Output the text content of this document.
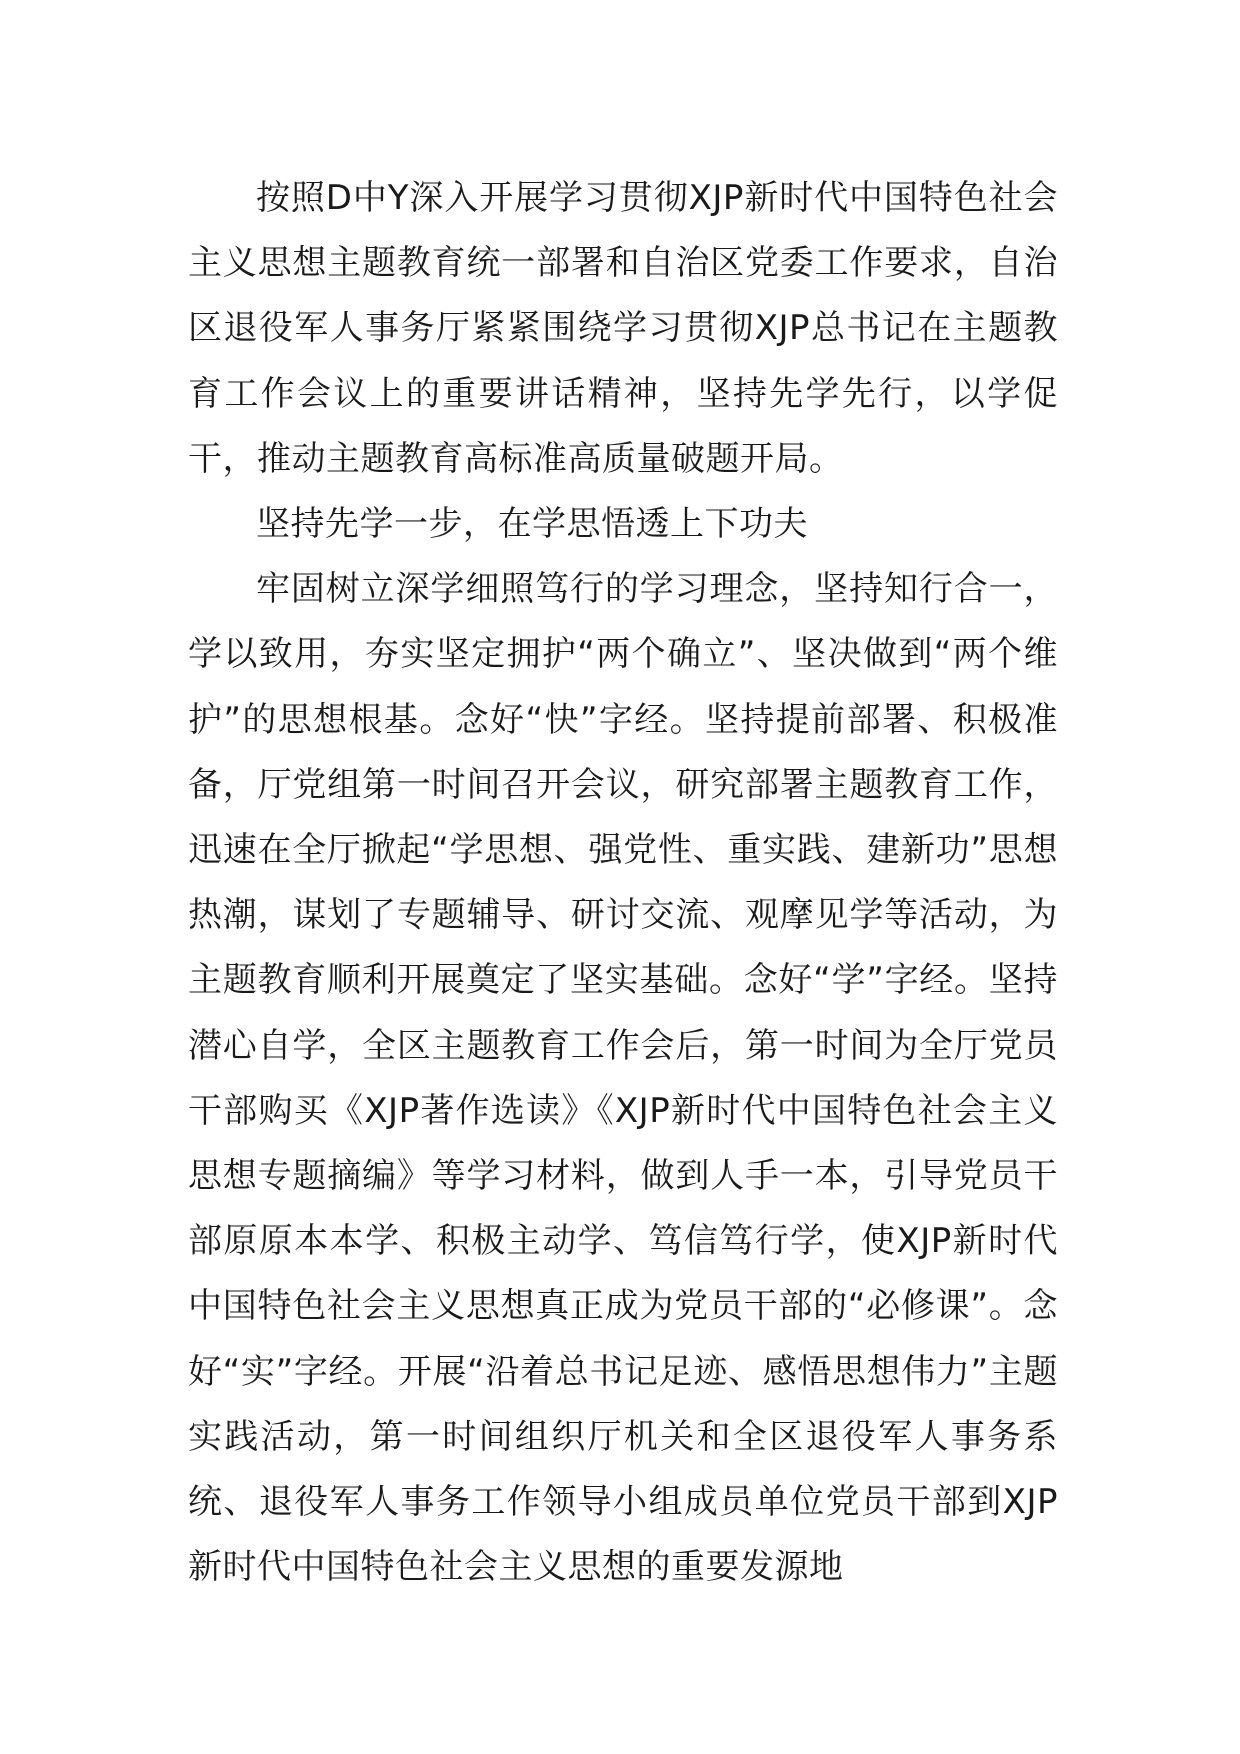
按照D中Y深入开展学习贯彻XJP新时代中国特色社会主义思想主题教育统一部署和自治区党委工作要求，自治区退役军人事务厅紧紧围绕学习贯彻XJP总书记在主题教育工作会议上的重要讲话精神，坚持先学先行，以学促干，推动主题教育高标准高质量破题开局。

坚持先学一步，在学思悟透上下功夫

牢固树立深学细照笃行的学习理念，坚持知行合一，学以致用，夯实坚定拥护“两个确立”、坚决做到“两个维护”的思想根基。念好“快”字经。坚持提前部署、积极准备，厅党组第一时间召开会议，研究部署主题教育工作，迅速在全厅掀起“学思想、强党性、重实践、建新功”思想热潮，谋划了专题辅导、研讨交流、观摩见学等活动，为主题教育顺利开展奠定了坚实基础。念好“学”字经。坚持潜心自学，全区主题教育工作会后，第一时间为全厅党员干部购买《XJP著作选读》《XJP新时代中国特色社会主义思想专题摘编》等学习材料，做到人手一本，引导党员干部原原本本学、积极主动学、笃信笃行学，使XJP新时代中国特色社会主义思想真正成为党员干部的“必修课”。念好“实”字经。开展“沿着总书记足迹、感悟思想伟力”主题实践活动，第一时间组织厅机关和全区退役军人事务系统、退役军人事务工作领导小组成员单位党员干部到XJP新时代中国特色社会主义思想的重要发源地
